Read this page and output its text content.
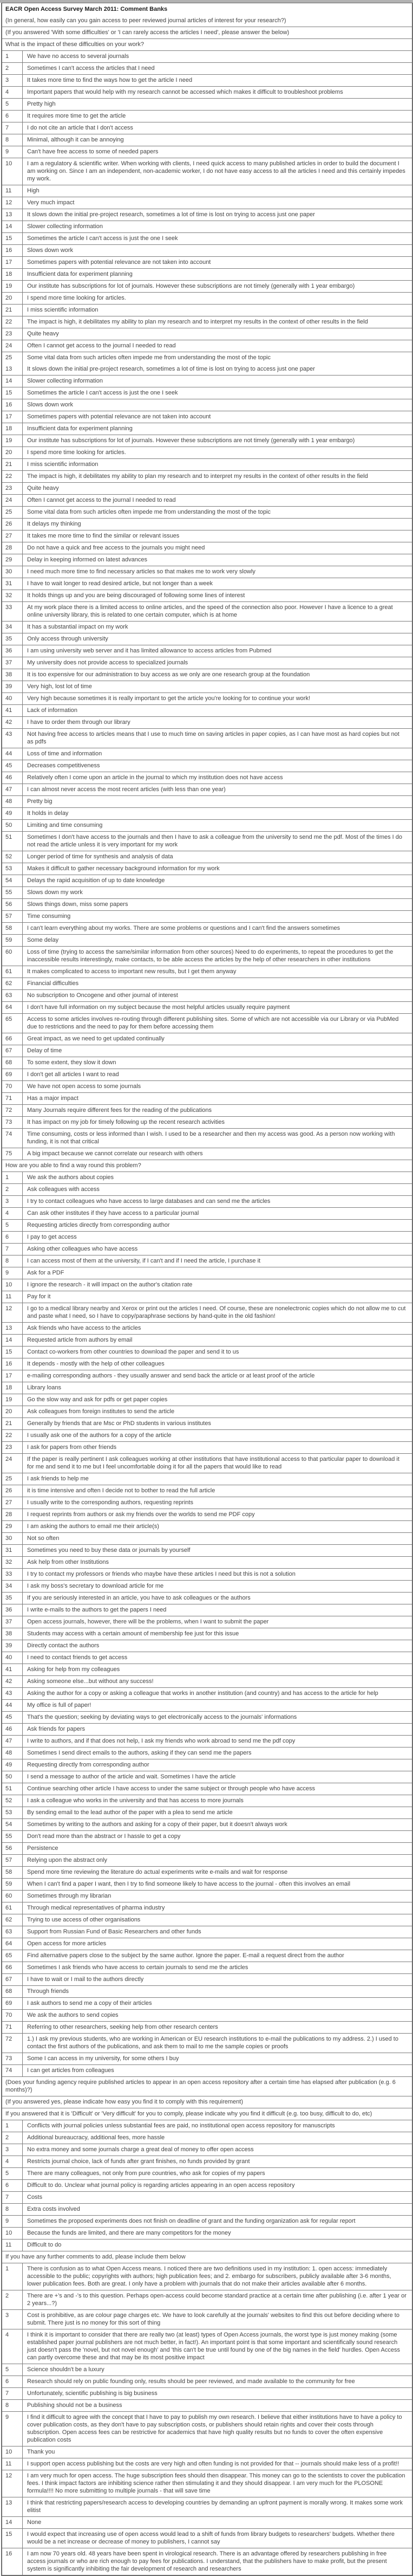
EACR Open Access Survey March 2011: Comment Banks
(In general, how easily can you gain access to peer reviewed journal articles of interest for your research?)
(If you answered 'With some difficulties' or 'I can rarely access the articles I need', please answer the below)
What is the impact of these difficulties on your work?
1	We have no access to several journals
2	Sometimes I can't access the articles that I need
3	It takes more time to find the ways how to get the article I need
4	Important papers that would help with my research cannot be accessed which makes it difficult to troubleshoot problems
5	Pretty high
6	It requires more time to get the article
7	I do not cite an article that I don't access
8	Minimal, although it can be annoying
9	Can't have free access to some of needed papers
10	I am a regulatory & scientific writer. When working with clients, I need quick access to many published articles in order to build the document I am working on. Since I am an independent, non-academic worker, I do not have easy access to all the articles I need and this certainly impedes my work.
11	High
12	Very much impact
13	It slows down the initial pre-project research, sometimes a lot of time is lost on trying to access just one paper
14	Slower collecting information
15	Sometimes the article I can't access is just the one I seek
16	Slows down work
17	Sometimes papers with potential relevance are not taken into account
18	Insufficient data for experiment planning
19	Our institute has subscriptions for lot of journals. However these subscriptions are not timely (generally with 1 year embargo)
20	I spend more time looking for articles.
21	I miss scientific information
22	The impact is high, it debilitates my ability to plan my research and to interpret my results in the context of other results in the field
23	Quite heavy
24	Often I cannot get access to the journal I needed to read
25	Some vital data from such articles often impede me from understanding the most of the topic
13	It slows down the initial pre-project research, sometimes a lot of time is lost on trying to access just one paper
14	Slower collecting information
15	Sometimes the article I can't access is just the one I seek
16	Slows down work
17	Sometimes papers with potential relevance are not taken into account
18	Insufficient data for experiment planning
19	Our institute has subscriptions for lot of journals. However these subscriptions are not timely (generally with 1 year embargo)
20	I spend more time looking for articles.
21	I miss scientific information
22	The impact is high, it debilitates my ability to plan my research and to interpret my results in the context of other results in the field
23	Quite heavy
24	Often I cannot get access to the journal I needed to read
25	Some vital data from such articles often impede me from understanding the most of the topic
26	It delays my thinking
27	It takes me more time to find the similar or relevant issues
28	Do not have a quick and free access to the journals you might need
29	Delay in keeping informed on latest advances
30	I need much more time to find necessary articles so that makes me to work very slowly
31	I have to wait longer to read desired article, but not longer than a week
32	It holds things up and you are being discouraged of following some lines of interest
33	At my work place there is a limited access to online articles, and the speed of the connection also poor. However I have a licence to a great online university library, this is related to one certain computer, which is at home
34	It has a substantial impact on my work
35	Only access through university
36	I am using university web server and it has limited allowance to access articles from Pubmed
37	My university does not provide access to specialized journals
38	It is too expensive for our administration to buy access as we only are one research group at the foundation
39	Very high, lost lot of time
40	Very high because sometimes it is really important to get the article you're looking for to continue your work!
41	Lack of information
42	I have to order them through our library
43	Not having free access to articles means that I use to much time on saving articles in paper copies, as I can have most as hard copies but not as pdfs
44	Loss of time and information
45	Decreases competitiveness
46	Relatively often I come upon an article in the journal to which my institution does not have access
47	I can almost never access the most recent articles (with less than one year)
48	Pretty big
49	It holds in delay
50	Limiting and time consuming
51	Sometimes I don't have access to the journals and then I have to ask a colleague from the university to send me the pdf. Most of the times I do not read the article unless it is very important for my work
52	Longer period of time for synthesis and analysis of data
53	Makes it difficult to gather necessary background information for my work
54	Delays the rapid acquisition of up to date knowledge
55	Slows down my work
56	Slows things down, miss some papers
57	Time consuming
58	I can't learn everything about my works. There are some problems or questions and I can't find the answers sometimes
59	Some delay
60	Loss of time (trying to access the same/similar information from other sources) Need to do experiments, to repeat the procedures to get the inaccessible results interestingly, make contacts, to be able access the articles by the help of other researchers in other institutions
61	It makes complicated to access to important new results, but I get them anyway
62	Financial difficulties
63	No subscription to Oncogene and other journal of interest
64	I don't have full information on my subject because the most helpful articles usually require payment
65	Access to some articles involves re-routing through different publishing sites. Some of which are not accessible via our Library or via PubMed due to restrictions and the need to pay for them before accessing them
66	Great impact, as we need to get updated continually
67	Delay of time
68	To some extent, they slow it down
69	I don't get all articles I want to read
70	We have not open access to some journals
71	Has a major impact
72	Many Journals require different fees for the reading of the publications
73	It has impact on my job for timely following up the recent research activities
74	Time consuming, costs or less informed than I wish. I used to be a researcher and then my access was good. As a person now working with funding, it is not that critical
75	A big impact because we cannot correlate our research with others
How are you able to find a way round this problem?
1	We ask the authors about copies
2	Ask colleagues with access
3	I try to contact colleagues who have access to large databases and can send me the articles
4	Can ask other institutes if they have access to a particular journal
5	Requesting articles directly from corresponding author
6	I pay to get access
7	Asking other colleagues who have access
8	I can access most of them at the university, if I can't and if I need the article, I purchase it
9	Ask for a PDF
10	I ignore the research - it will impact on the author's citation rate
11	Pay for it
12	I go to a medical library nearby and Xerox or print out the articles I need. Of course, these are nonelectronic copies which do not allow me to cut and paste what I need, so I have to copy/paraphrase sections by hand-quite in the old fashion!
13	Ask friends who have access to the articles
14	Requested article from authors by email
15	Contact co-workers from other countries to download the paper and send it to us
16	It depends - mostly with the help of other colleagues
17	e-mailing corresponding authors - they usually answer and send back the article or at least proof of the article
18	Library loans
19	Go the slow way and ask for pdfs or get paper copies
20	Ask colleagues from foreign institutes to send the article
21	Generally by friends that are Msc or PhD students in various institutes
22	I usually ask one of the authors for a copy of the article
23	I ask for papers from other friends
24	If the paper is really pertinent I ask colleagues working at other institutions that have institutional access to that particular paper to download it for me and send it to me but I feel uncomfortable doing it for all the papers that would like to read
25	I ask friends to help me
26	it is time intensive and often I decide not to bother to read the full article
27	I usually write to the corresponding authors, requesting reprints
28	I request reprints from authors or ask my friends over the worlds to send me PDF copy
29	I am asking the authors to email me their article(s)
30	Not so often
31	Sometimes you need to buy these data or journals by yourself
32	Ask help from other Institutions
33	I try to contact my professors or friends who maybe have these articles I need but this is not a solution
34	I ask my boss's secretary to download article for me
35	If you are seriously interested in an article, you have to ask colleagues or the authors
36	I write e-mails to the authors to get the papers I need
37	Open access journals, however, there will be the problems, when I want to submit the paper
38	Students may access with a certain amount of membership fee just for this issue
39	Directly contact the authors
40	I need to contact friends to get access
41	Asking for help from my colleagues
42	Asking someone else...but without any success!
43	Asking the author for a copy or asking a colleague that works in another institution (and country) and has access to the article for help
44	My office is full of paper!
45	That's the question; seeking by deviating ways to get electronically access to the journals' informations
46	Ask friends for papers
47	I write to authors, and if that does not help, I ask my friends who work abroad to send me the pdf copy
48	Sometimes I send direct emails to the authors, asking if they can send me the papers
49	Requesting directly from corresponding author
50	I send a message to author of the article and wait. Sometimes I have the article
51	Continue searching other article I have access to under the same subject or through people who have access
52	I ask a colleague who works in the university and that has access to more journals
53	By sending email to the lead author of the paper with a plea to send me article
54	Sometimes by writing to the authors and asking for a copy of their paper, but it doesn't always work
55	Don't read more than the abstract or I hassle to get a copy
56	Persistence
57	Relying upon the abstract only
58	Spend more time reviewing the literature do actual experiments write e-mails and wait for response
59	When I can't find a paper I want, then I try to find someone likely to have access to the journal - often this involves an email
60	Sometimes through my librarian
61	Through medical representatives of pharma industry
62	Trying to use access of other organisations
63	Support from Russian Fund of Basic Researchers and other funds
64	Open access for more articles
65	Find alternative papers close to the subject by the same author. Ignore the paper. E-mail a request direct from the author
66	Sometimes I ask friends who have access to certain journals to send me the articles
67	I have to wait or I mail to the authors directly
68	Through friends
69	I ask authors to send me a copy of their articles
70	We ask the authors to send copies
71	Referring to other researchers, seeking help from other research centers
72	1.) I ask my previous students, who are working in American or EU research institutions to e-mail the publications to my address. 2.) I used to contact the first authors of the publications, and ask them to mail to me the sample copies or proofs
73	Some I can access in my university, for some others I buy
74	I can get articles from colleagues
(Does your funding agency require published articles to appear in an open access repository after a certain time has elapsed after publication (e.g. 6 months)?)
(If you answered yes, please indicate how easy you find it to comply with this requirement)
If you answered that it is 'Difficult' or 'Very difficult' for you to comply, please indicate why you find it difficult (e.g. too busy, difficult to do, etc)
1	Conflicts with journal policies unless substantial fees are paid, no institutional open access repository for manuscripts
2	Additional bureaucracy, additional fees, more hassle
3	No extra money and some journals charge a great deal of money to offer open access
4	Restricts journal choice, lack of funds after grant finishes, no funds provided by grant
5	There are many colleagues, not only from pure countries, who ask for copies of my papers
6	Difficult to do. Unclear what journal policy is regarding articles appearing in an open access repository
7	Costs
8	Extra costs involved
9	Sometimes the proposed experiments does not finish on deadline of grant and the funding organization ask for regular report
10	Because the funds are limited, and there are many competitors for the money
11	Difficult to do
If you have any further comments to add, please include them below
1	There is confusion as to what Open Access means. I noticed there are two definitions used in my institution: 1. open access: immediately accessible to the public; copyrights with authors; high publication fees; and 2. embargo for subscribers, publicly available after 3-6 months, lower publication fees. Both are great. I only have a problem with journals that do not make their articles available after 6 months.
2	There are +'s and -'s to this question. Perhaps open-access could become standard practice at a certain time after publishing (i.e. after 1 year or 2 years...?)
3	Cost is prohibitive, as are colour page charges etc. We have to look carefully at the journals' websites to find this out before deciding where to submit. There just is no money for this sort of thing
4	I think it is important to consider that there are really two (at least) types of Open Access journals, the worst type is just money making (some established paper journal publishers are not much better, in fact!). An important point is that some important and scientifically sound research just doesn't pass the 'novel, but not novel enough' and 'this can't be true until found by one of the big names in the field' hurdles. Open Access can partly overcome these and that may be its most positive impact
5	Science shouldn't be a luxury
6	Research should rely on public founding only, results should be peer reviewed, and made available to the community for free
7	Unfortunately, scientific publishing is big business
8	Publishing should not be a business
9	I find it difficult to agree with the concept that I have to pay to publish my own research. I believe that either institutions have to have a policy to cover publication costs, as they don't have to pay subscription costs, or publishers should retain rights and cover their costs through subscription. Open access fees can be restrictive for academics that have high quality results but no funds to cover the often expensive publication costs
10	Thank you
11	I support open access publishing but the costs are very high and often funding is not provided for that -- journals should make less of a profit!!
12	I am very much for open access. The huge subscription fees should then disappear. This money can go to the scientists to cover the publication fees. I think impact factors are inhibiting science rather then stimulating it and they should disappear. I am very much for the PLOSONE formula!!!! No more submitting to multiple journals - that will save time
13	I think that restricting papers/research access to developing countries by demanding an upfront payment is morally wrong. It makes some work elitist
14	None
15	I would expect that increasing use of open access would lead to a shift of funds from library budgets to researchers' budgets. Whether there would be a net increase or decrease of money to publishers, I cannot say
16	I am now 70 years old. 48 years have been spent in virological research. There is an advantage offered by researchers publishing in free access journals or who are rich enough to pay fees for publications. I understand, that the publishers have to make profit, but the present system is significantly inhibiting the fair development of research and researchers
